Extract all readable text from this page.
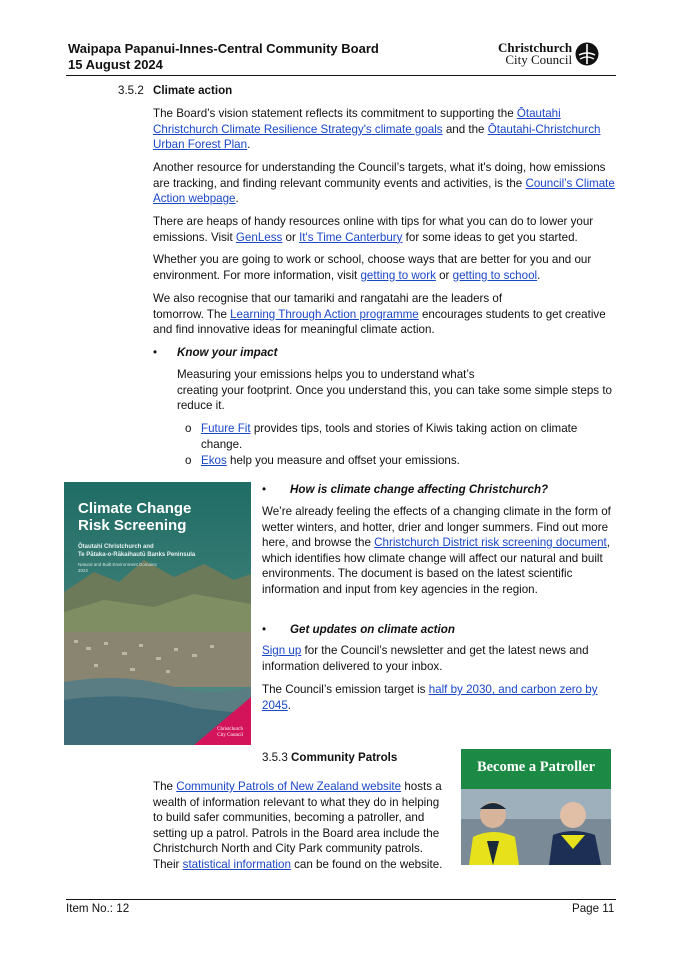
Waipapa Papanui-Innes-Central Community Board
15 August 2024
Christchurch
City Council
3.5.2 Climate action
The Board’s vision statement reflects its commitment to supporting the Ōtautahi Christchurch Climate Resilience Strategy's climate goals and the Ōtautahi-Christchurch Urban Forest Plan.
Another resource for understanding the Council’s targets, what it's doing, how emissions are tracking, and finding relevant community events and activities, is the Council’s Climate Action webpage.
There are heaps of handy resources online with tips for what you can do to lower your emissions. Visit GenLess or It's Time Canterbury for some ideas to get you started.
Whether you are going to work or school, choose ways that are better for you and our environment. For more information, visit getting to work or getting to school.
We also recognise that our tamariki and rangatahi are the leaders of
tomorrow. The Learning Through Action programme encourages students to get creative and find innovative ideas for meaningful climate action.
• Know your impact
Measuring your emissions helps you to understand what’s
creating your footprint. Once you understand this, you can take some simple steps to reduce it.
o Future Fit provides tips, tools and stories of Kiwis taking action on climate change.
o Ekos help you measure and offset your emissions.
Climate Change
Risk Screening
Ōtautahi Christchurch and
Te Pātaka-o-Rākaihautū Banks Peninsula
Natural and Built Environment Domains
2022
Christchurch
City Council
• How is climate change affecting Christchurch?
We’re already feeling the effects of a changing climate in the form of wetter winters, and hotter, drier and longer summers. Find out more here, and browse the Christchurch District risk screening document, which identifies how climate change will affect our natural and built environments. The document is based on the latest scientific information and input from key agencies in the region.
• Get updates on climate action
Sign up for the Council’s newsletter and get the latest news and information delivered to your inbox.
The Council’s emission target is half by 2030, and carbon zero by 2045.
3.5.3 Community Patrols
The Community Patrols of New Zealand website hosts a wealth of information relevant to what they do in helping to build safer communities, becoming a patroller, and setting up a patrol. Patrols in the Board area include the Christchurch North and City Park community patrols. Their statistical information can be found on the website.
Become a Patroller
Item No.: 12	Page 11
